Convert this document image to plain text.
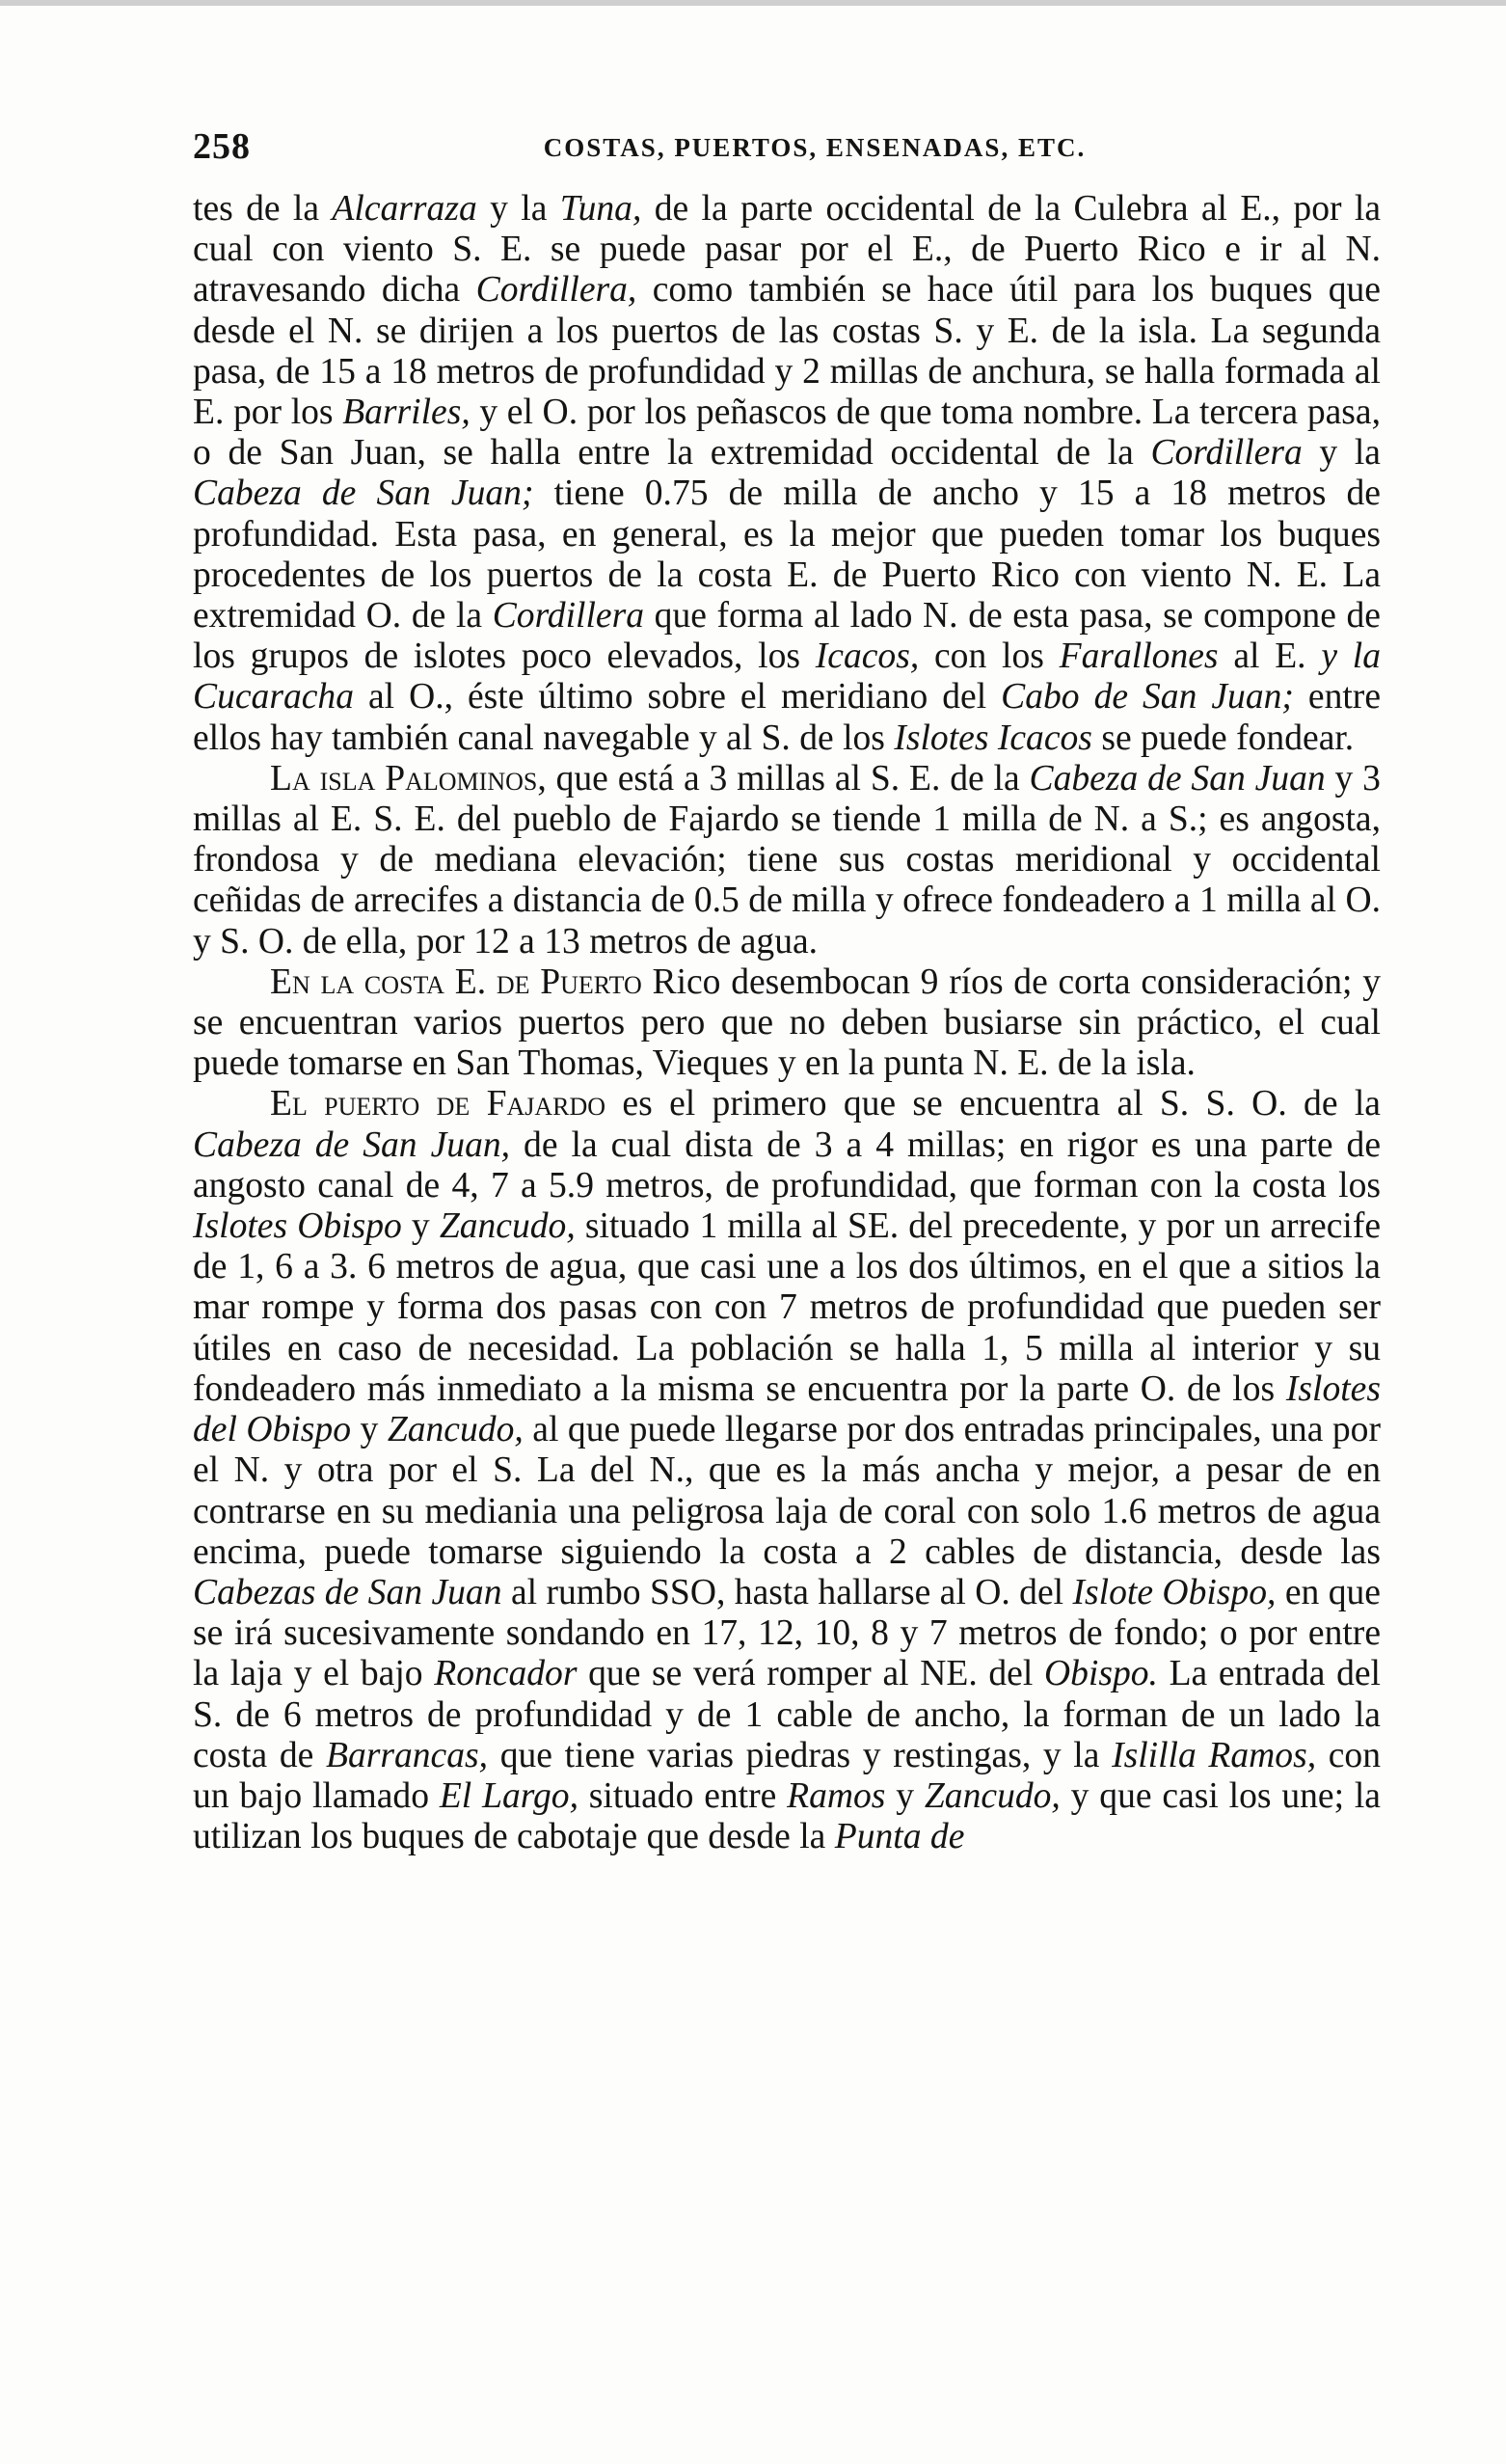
258	COSTAS, PUERTOS, ENSENADAS, ETC.

tes de la Alcarraza y la Tuna, de la parte occidental de la Culebra al E., por la cual con viento S. E. se puede pasar por el E., de Puerto Rico e ir al N. atravesando dicha Cordillera, como también se hace útil para los buques que desde el N. se dirijen a los puertos de las costas S. y E. de la isla. La segunda pasa, de 15 a 18 metros de profundidad y 2 millas de anchura, se halla formada al E. por los Barriles, y el O. por los peñascos de que toma nombre. La tercera pasa, o de San Juan, se halla entre la extremidad occidental de la Cordillera y la Cabeza de San Juan; tiene 0.75 de milla de ancho y 15 a 18 metros de profundidad. Esta pasa, en general, es la mejor que pueden tomar los buques procedentes de los puertos de la costa E. de Puerto Rico con viento N. E. La extremidad O. de la Cordillera que forma al lado N. de esta pasa, se compone de los grupos de islotes poco elevados, los Icacos, con los Farallones al E. y la Cucaracha al O., éste último sobre el meridiano del Cabo de San Juan; entre ellos hay también canal navegable y al S. de los Islotes Icacos se puede fondear.

La isla Palominos, que está a 3 millas al S. E. de la Cabeza de San Juan y 3 millas al E. S. E. del pueblo de Fajardo se tiende 1 milla de N. a S.; es angosta, frondosa y de mediana elevación; tiene sus costas meridional y occidental ceñidas de arrecifes a distancia de 0.5 de milla y ofrece fondeadero a 1 milla al O. y S. O. de ella, por 12 a 13 metros de agua.

En la costa E. de Puerto Rico desembocan 9 ríos de corta consideración; y se encuentran varios puertos pero que no deben busiarse sin práctico, el cual puede tomarse en San Thomas, Vieques y en la punta N. E. de la isla.

El puerto de Fajardo es el primero que se encuentra al S. S. O. de la Cabeza de San Juan, de la cual dista de 3 a 4 millas; en rigor es una parte de angosto canal de 4, 7 a 5.9 metros, de profundidad, que forman con la costa los Islotes Obispo y Zancudo, situado 1 milla al SE. del precedente, y por un arrecife de 1, 6 a 3. 6 metros de agua, que casi une a los dos últimos, en el que a sitios la mar rompe y forma dos pasas con con 7 metros de profundidad que pueden ser útiles en caso de necesidad. La población se halla 1, 5 milla al interior y su fondeadero más inmediato a la misma se encuentra por la parte O. de los Islotes del Obispo y Zancudo, al que puede llegarse por dos entradas principales, una por el N. y otra por el S. La del N., que es la más ancha y mejor, a pesar de en contrarse en su mediania una peligrosa laja de coral con solo 1.6 metros de agua encima, puede tomarse siguiendo la costa a 2 cables de distancia, desde las Cabezas de San Juan al rumbo SSO, hasta hallarse al O. del Islote Obispo, en que se irá sucesivamente sondando en 17, 12, 10, 8 y 7 metros de fondo; o por entre la laja y el bajo Roncador que se verá romper al NE. del Obispo. La entrada del S. de 6 metros de profundidad y de 1 cable de ancho, la forman de un lado la costa de Barrancas, que tiene varias piedras y restingas, y la Islilla Ramos, con un bajo llamado El Largo, situado entre Ramos y Zancudo, y que casi los une; la utilizan los buques de cabotaje que desde la Punta de
